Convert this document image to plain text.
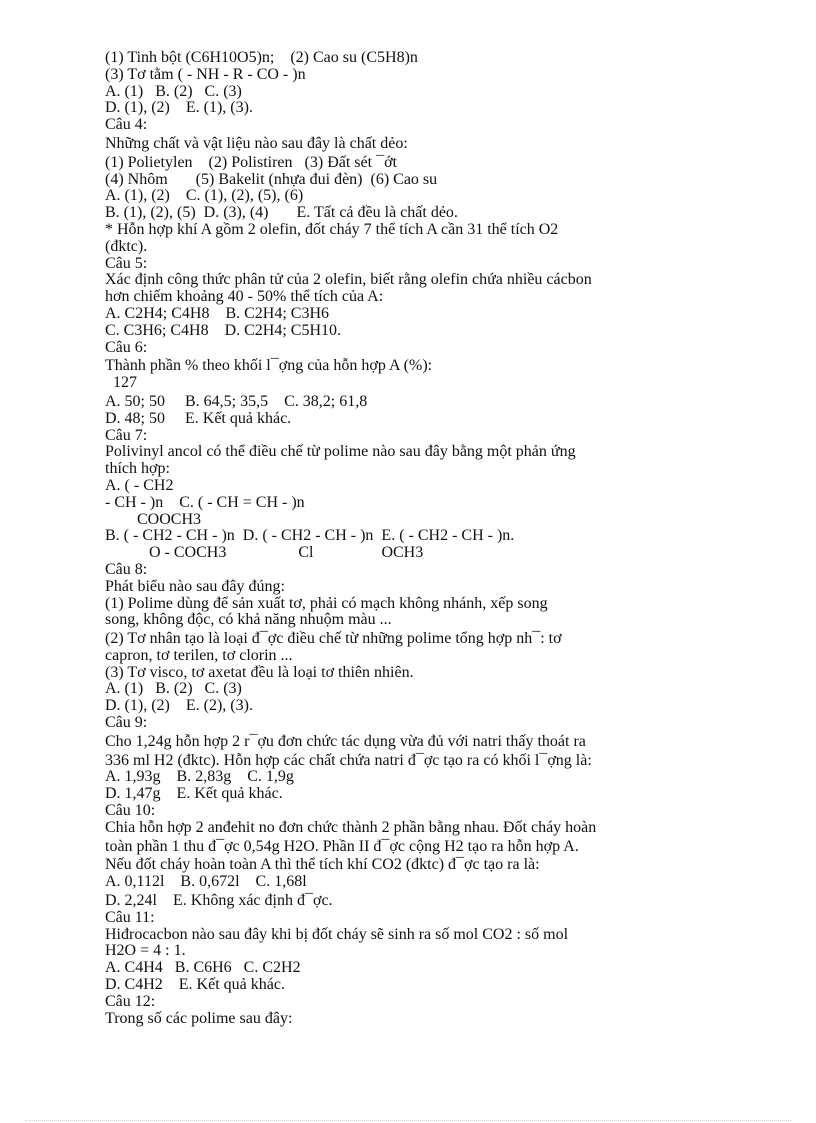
(1) Tinh bột (C6H10O5)n;    (2) Cao su (C5H8)n
(3) Tơ tằm ( - NH - R - CO - )n
A. (1)   B. (2)   C. (3)
D. (1), (2)    E. (1), (3).
Câu 4:
Những chất và vật liệu nào sau đây là chất dẻo:
(1) Polietylen    (2) Polistiren   (3) Đất sét ¯ớt
(4) Nhôm       (5) Bakelit (nhựa đui đèn)  (6) Cao su
A. (1), (2)    C. (1), (2), (5), (6)
B. (1), (2), (5)  D. (3), (4)       E. Tất cả đều là chất dẻo.
* Hỗn hợp khí A gồm 2 olefin, đốt cháy 7 thể tích A cần 31 thể tích O2
(đktc).
Câu 5:
Xác định công thức phân tử của 2 olefin, biết rằng olefin chứa nhiều cácbon
hơn chiếm khoảng 40 - 50% thể tích của A:
A. C2H4; C4H8    B. C2H4; C3H6
C. C3H6; C4H8    D. C2H4; C5H10.
Câu 6:
Thành phần % theo khối l¯ợng của hỗn hợp A (%):
127
A. 50; 50     B. 64,5; 35,5    C. 38,2; 61,8
D. 48; 50     E. Kết quả khác.
Câu 7:
Polivinyl ancol có thể điều chế từ polime nào sau đây bằng một phản ứng
thích hợp:
A. ( - CH2
- CH - )n    C. ( - CH = CH - )n
COOCH3
B. ( - CH2 - CH - )n  D. ( - CH2 - CH - )n  E. ( - CH2 - CH - )n.
O - COCH3                  Cl                 OCH3
Câu 8:
Phát biểu nào sau đây đúng:
(1) Polime dùng để sản xuất tơ, phải có mạch không nhánh, xếp song
song, không độc, có khả năng nhuộm màu ...
(2) Tơ nhân tạo là loại đ¯ợc điều chế từ những polime tổng hợp nh¯: tơ
capron, tơ terilen, tơ clorin ...
(3) Tơ visco, tơ axetat đều là loại tơ thiên nhiên.
A. (1)   B. (2)   C. (3)
D. (1), (2)    E. (2), (3).
Câu 9:
Cho 1,24g hỗn hợp 2 r¯ợu đơn chức tác dụng vừa đủ với natri thấy thoát ra
336 ml H2 (đktc). Hỗn hợp các chất chứa natri đ¯ợc tạo ra có khối l¯ợng là:
A. 1,93g    B. 2,83g    C. 1,9g
D. 1,47g    E. Kết quả khác.
Câu 10:
Chia hỗn hợp 2 anđehit no đơn chức thành 2 phần bằng nhau. Đốt cháy hoàn
toàn phần 1 thu đ¯ợc 0,54g H2O. Phần II đ¯ợc cộng H2 tạo ra hỗn hợp A.
Nếu đốt cháy hoàn toàn A thì thể tích khí CO2 (đktc) đ¯ợc tạo ra là:
A. 0,112l    B. 0,672l    C. 1,68l
D. 2,24l    E. Không xác định đ¯ợc.
Câu 11:
Hiđrocacbon nào sau đây khi bị đốt cháy sẽ sinh ra số mol CO2 : số mol
H2O = 4 : 1.
A. C4H4   B. C6H6   C. C2H2
D. C4H2    E. Kết quả khác.
Câu 12:
Trong số các polime sau đây:
